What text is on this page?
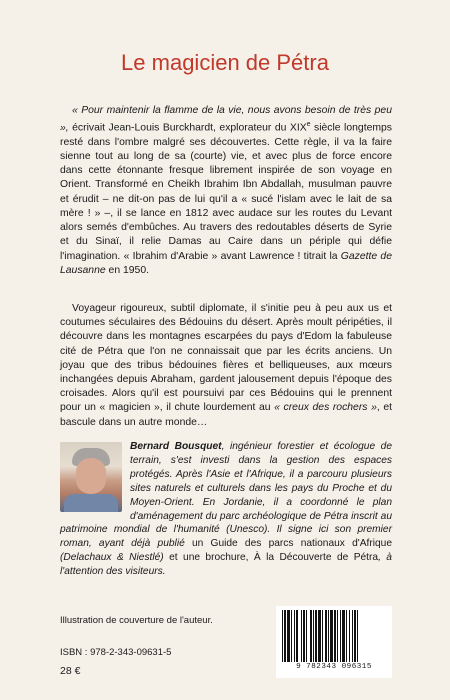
Le magicien de Pétra

« Pour maintenir la flamme de la vie, nous avons besoin de très peu », écrivait Jean-Louis Burckhardt, explorateur du XIXe siècle longtemps resté dans l'ombre malgré ses découvertes. Cette règle, il va la faire sienne tout au long de sa (courte) vie, et avec plus de force encore dans cette étonnante fresque librement inspirée de son voyage en Orient. Transformé en Cheikh Ibrahim Ibn Abdallah, musulman pauvre et érudit – ne dit-on pas de lui qu'il a « sucé l'islam avec le lait de sa mère ! » –, il se lance en 1812 avec audace sur les routes du Levant alors semés d'embûches. Au travers des redoutables déserts de Syrie et du Sinaï, il relie Damas au Caire dans un périple qui défie l'imagination. « Ibrahim d'Arabie » avant Lawrence ! titrait la Gazette de Lausanne en 1950.

Voyageur rigoureux, subtil diplomate, il s'initie peu à peu aux us et coutumes séculaires des Bédouins du désert. Après moult péripéties, il découvre dans les montagnes escarpées du pays d'Edom la fabuleuse cité de Pétra que l'on ne connaissait que par les écrits anciens. Un joyau que des tribus bédouines fières et belliqueuses, aux mœurs inchangées depuis Abraham, gardent jalousement depuis l'époque des croisades. Alors qu'il est poursuivi par ces Bédouins qui le prennent pour un « magicien », il chute lourdement au « creux des rochers », et bascule dans un autre monde…

Bernard Bousquet, ingénieur forestier et écologue de terrain, s'est investi dans la gestion des espaces protégés. Après l'Asie et l'Afrique, il a parcouru plusieurs sites naturels et culturels dans les pays du Proche et du Moyen-Orient. En Jordanie, il a coordonné le plan d'aménagement du parc archéologique de Pétra inscrit au patrimoine mondial de l'humanité (Unesco). Il signe ici son premier roman, ayant déjà publié un Guide des parcs nationaux d'Afrique (Delachaux & Niestlé) et une brochure, À la Découverte de Pétra, à l'attention des visiteurs.
Illustration de couverture de l'auteur.
ISBN : 978-2-343-09631-5
28 €	9 782343 096315
